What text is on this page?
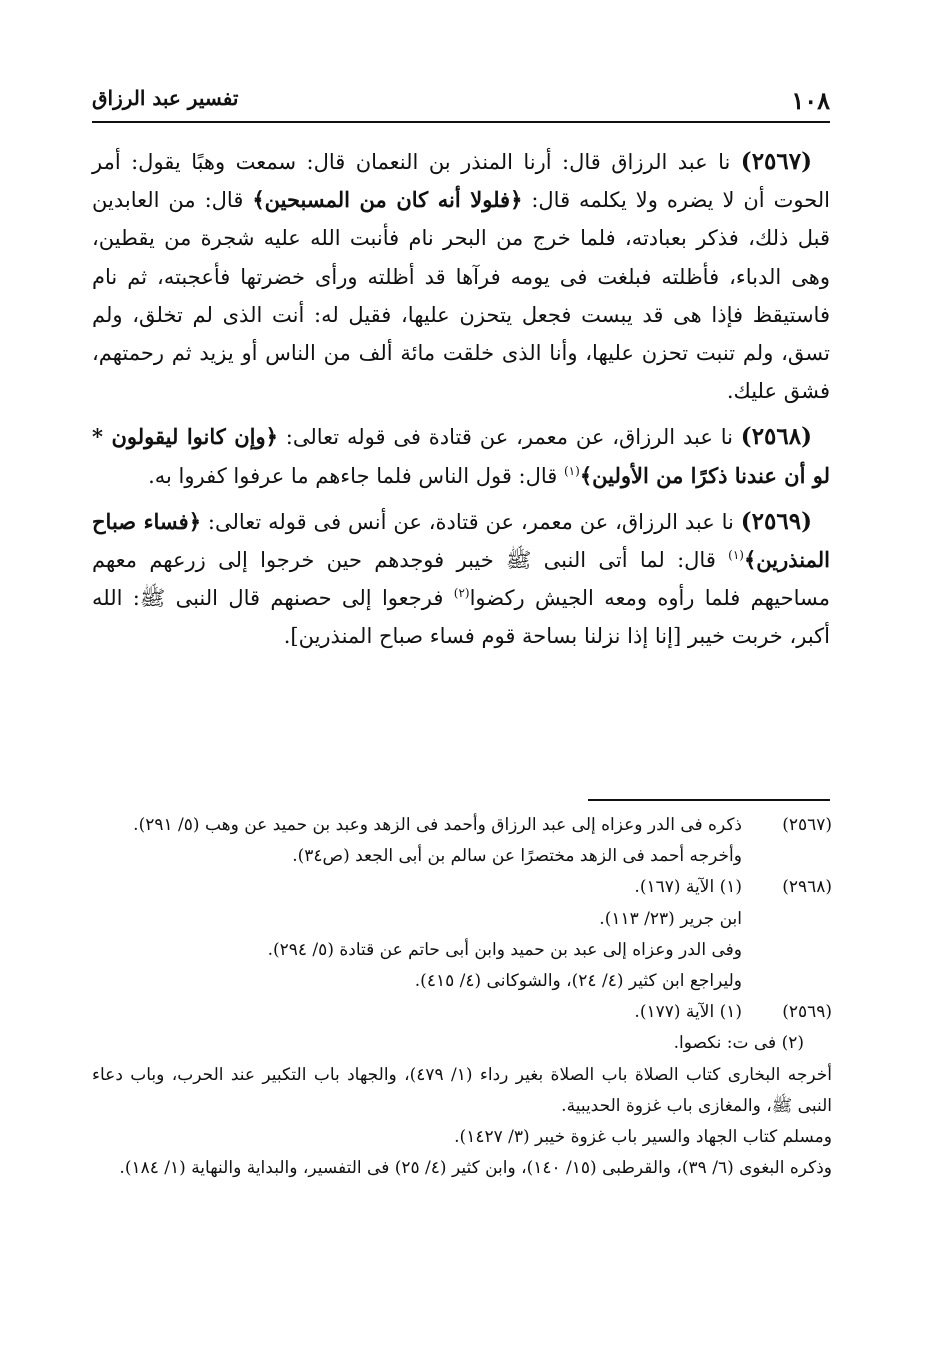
١٠٨
تفسير عبد الرزاق

(٢٥٦٧) نا عبد الرزاق قال: أرنا المنذر بن النعمان قال: سمعت وهبًا يقول: أمر الحوت أن لا يضره ولا يكلمه قال: ﴿فلولا أنه كان من المسبحين﴾ قال: من العابدين قبل ذلك، فذكر بعبادته، فلما خرج من البحر نام فأنبت الله عليه شجرة من يقطين، وهى الدباء، فأظلته فبلغت فى يومه فرآها قد أظلته ورأى خضرتها فأعجبته، ثم نام فاستيقظ فإذا هى قد يبست فجعل يتحزن عليها، فقيل له: أنت الذى لم تخلق، ولم تسق، ولم تنبت تحزن عليها، وأنا الذى خلقت مائة ألف من الناس أو يزيد ثم رحمتهم، فشق عليك.

(٢٥٦٨) نا عبد الرزاق، عن معمر، عن قتادة فى قوله تعالى: ﴿وإن كانوا ليقولون * لو أن عندنا ذكرًا من الأولين﴾$^{(١)}$ قال: قول الناس فلما جاءهم ما عرفوا كفروا به.

(٢٥٦٩) نا عبد الرزاق، عن معمر، عن قتادة، عن أنس فى قوله تعالى: ﴿فساء صباح المنذرين﴾$^{(١)}$ قال: لما أتى النبى ﷺ خيبر فوجدهم حين خرجوا إلى زرعهم معهم مساحيهم فلما رأوه ومعه الجيش ركضوا$^{(٢)}$ فرجعوا إلى حصنهم قال النبى ﷺ: الله أكبر، خربت خيبر [إنا إذا نزلنا بساحة قوم فساء صباح المنذرين].

(٢٥٦٧)
ذكره فى الدر وعزاه إلى عبد الرزاق وأحمد فى الزهد وعبد بن حميد عن وهب (٥/ ٢٩١).
وأخرجه أحمد فى الزهد مختصرًا عن سالم بن أبى الجعد (ص٣٤).
(٢٩٦٨)
(١) الآية (١٦٧).
ابن جرير (٢٣/ ١١٣).
وفى الدر وعزاه إلى عبد بن حميد وابن أبى حاتم عن قتادة (٥/ ٢٩٤).
وليراجع ابن كثير (٤/ ٢٤)، والشوكانى (٤/ ٤١٥).
(٢٥٦٩)
(١) الآية (١٧٧).
(٢) فى ت: نكصوا.
أخرجه البخارى كتاب الصلاة باب الصلاة بغير رداء (١/ ٤٧٩)، والجهاد باب التكبير عند الحرب، وباب دعاء النبى ﷺ، والمغازى باب غزوة الحديبية.
ومسلم كتاب الجهاد والسير باب غزوة خيبر (٣/ ١٤٢٧).
وذكره البغوى (٦/ ٣٩)، والقرطبى (١٥/ ١٤٠)، وابن كثير (٤/ ٢٥) فى التفسير، والبداية والنهاية (١/ ١٨٤).
